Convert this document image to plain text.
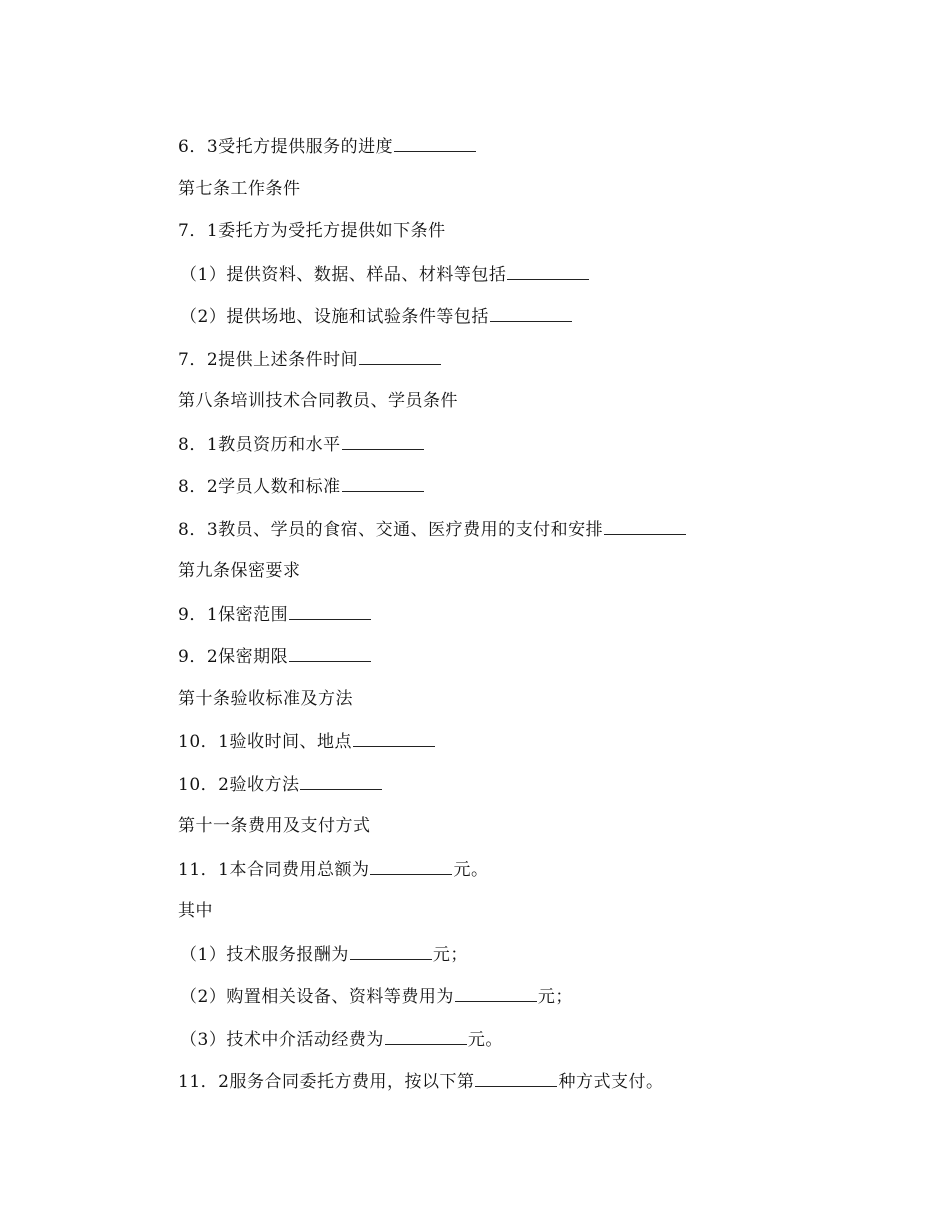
6．3受托方提供服务的进度
第七条工作条件
7．1委托方为受托方提供如下条件
（1）提供资料、数据、样品、材料等包括
（2）提供场地、设施和试验条件等包括
7．2提供上述条件时间
第八条培训技术合同教员、学员条件
8．1教员资历和水平
8．2学员人数和标准
8．3教员、学员的食宿、交通、医疗费用的支付和安排
第九条保密要求
9．1保密范围
9．2保密期限
第十条验收标准及方法
10．1验收时间、地点
10．2验收方法
第十一条费用及支付方式
11．1本合同费用总额为	元。
其中
（1）技术服务报酬为	元；
（2）购置相关设备、资料等费用为	元；
（3）技术中介活动经费为	元。
11．2服务合同委托方费用，按以下第	种方式支付。
